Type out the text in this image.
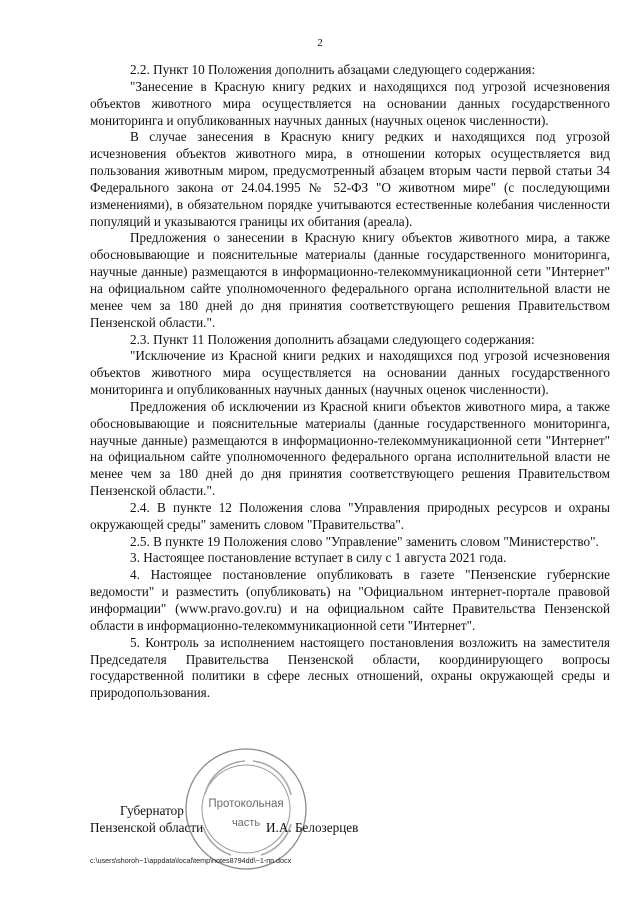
2

2.2. Пункт 10 Положения дополнить абзацами следующего содержания:

"Занесение в Красную книгу редких и находящихся под угрозой исчезновения объектов животного мира осуществляется на основании данных государственного мониторинга и опубликованных научных данных (научных оценок численности).

В случае занесения в Красную книгу редких и находящихся под угрозой исчезновения объектов животного мира, в отношении которых осуществляется вид пользования животным миром, предусмотренный абзацем вторым части первой статьи 34 Федерального закона от 24.04.1995 № 52-ФЗ "О животном мире" (с последующими изменениями), в обязательном порядке учитываются естественные колебания численности популяций и указываются границы их обитания (ареала).

Предложения о занесении в Красную книгу объектов животного мира, а также обосновывающие и пояснительные материалы (данные государственного мониторинга, научные данные) размещаются в информационно-телекоммуникационной сети "Интернет" на официальном сайте уполномоченного федерального органа исполнительной власти не менее чем за 180 дней до дня принятия соответствующего решения Правительством Пензенской области.".

2.3. Пункт 11 Положения дополнить абзацами следующего содержания:

"Исключение из Красной книги редких и находящихся под угрозой исчезновения объектов животного мира осуществляется на основании данных государственного мониторинга и опубликованных научных данных (научных оценок численности).

Предложения об исключении из Красной книги объектов животного мира, а также обосновывающие и пояснительные материалы (данные государственного мониторинга, научные данные) размещаются в информационно-телекоммуникационной сети "Интернет" на официальном сайте уполномоченного федерального органа исполнительной власти не менее чем за 180 дней до дня принятия соответствующего решения Правительством Пензенской области.".

2.4. В пункте 12 Положения слова "Управления природных ресурсов и охраны окружающей среды" заменить словом "Правительства".

2.5. В пункте 19 Положения слово "Управление" заменить словом "Министерство".

3. Настоящее постановление вступает в силу с 1 августа 2021 года.

4. Настоящее постановление опубликовать в газете "Пензенские губернские ведомости" и разместить (опубликовать) на "Официальном интернет-портале правовой информации" (www.pravo.gov.ru) и на официальном сайте Правительства Пензенской области в информационно-телекоммуникационной сети "Интернет".

5. Контроль за исполнением настоящего постановления возложить на заместителя Председателя Правительства Пензенской области, координирующего вопросы государственной политики в сфере лесных отношений, охраны окружающей среды и природопользования.

Протокольная
часть
Губернатор
Пензенской области	И.А. Белозерцев
c:\users\shoroh~1\appdata\local\temp\notes8794dd\~1-пп.docx
